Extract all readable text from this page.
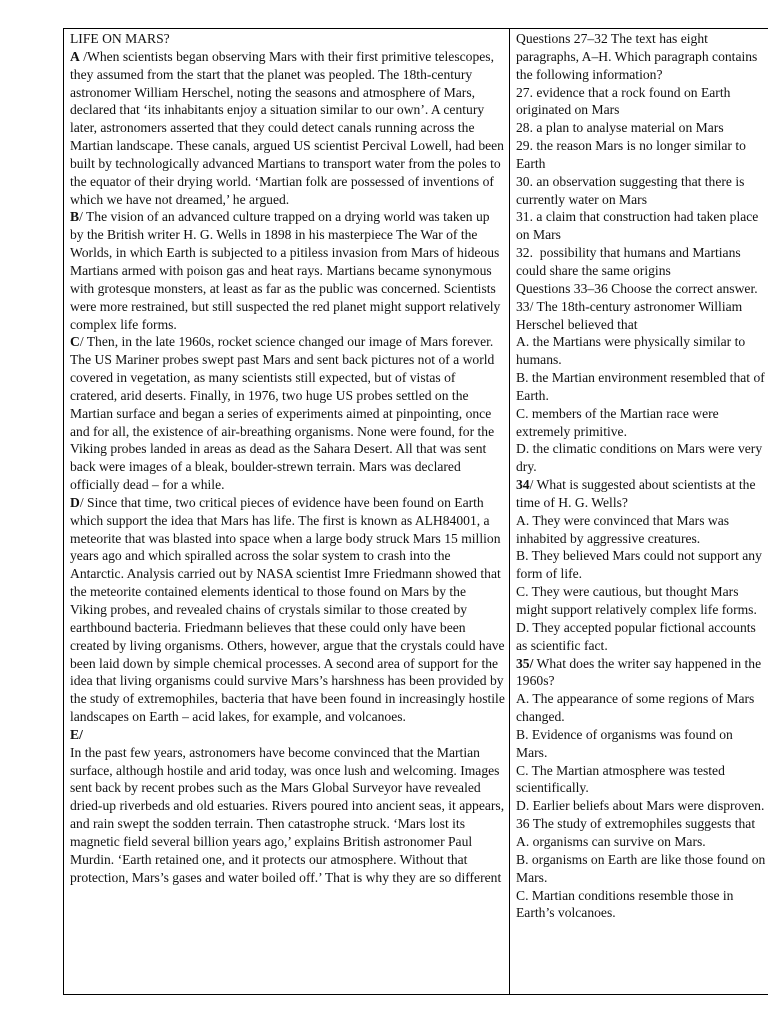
LIFE ON MARS?

A /When scientists began observing Mars with their first primitive telescopes, they assumed from the start that the planet was peopled. The 18th-century astronomer William Herschel, noting the seasons and atmosphere of Mars, declared that ‘its inhabitants enjoy a situation similar to our own’. A century later, astronomers asserted that they could detect canals running across the Martian landscape. These canals, argued US scientist Percival Lowell, had been built by technologically advanced Martians to transport water from the poles to the equator of their drying world. ‘Martian folk are possessed of inventions of which we have not dreamed,’ he argued.

B/ The vision of an advanced culture trapped on a drying world was taken up by the British writer H. G. Wells in 1898 in his masterpiece The War of the Worlds, in which Earth is subjected to a pitiless invasion from Mars of hideous Martians armed with poison gas and heat rays. Martians became synonymous with grotesque monsters, at least as far as the public was concerned. Scientists were more restrained, but still suspected the red planet might support relatively complex life forms.

C/ Then, in the late 1960s, rocket science changed our image of Mars forever. The US Mariner probes swept past Mars and sent back pictures not of a world covered in vegetation, as many scientists still expected, but of vistas of cratered, arid deserts. Finally, in 1976, two huge US probes settled on the Martian surface and began a series of experiments aimed at pinpointing, once and for all, the existence of air-breathing organisms. None were found, for the Viking probes landed in areas as dead as the Sahara Desert. All that was sent back were images of a bleak, boulder-strewn terrain. Mars was declared officially dead – for a while.

D/ Since that time, two critical pieces of evidence have been found on Earth which support the idea that Mars has life. The first is known as ALH84001, a meteorite that was blasted into space when a large body struck Mars 15 million years ago and which spiralled across the solar system to crash into the Antarctic. Analysis carried out by NASA scientist Imre Friedmann showed that the meteorite contained elements identical to those found on Mars by the Viking probes, and revealed chains of crystals similar to those created by earthbound bacteria. Friedmann believes that these could only have been created by living organisms. Others, however, argue that the crystals could have been laid down by simple chemical processes. A second area of support for the idea that living organisms could survive Mars’s harshness has been provided by the study of extremophiles, bacteria that have been found in increasingly hostile landscapes on Earth – acid lakes, for example, and volcanoes.

E/

In the past few years, astronomers have become convinced that the Martian surface, although hostile and arid today, was once lush and welcoming. Images sent back by recent probes such as the Mars Global Surveyor have revealed dried-up riverbeds and old estuaries. Rivers poured into ancient seas, it appears, and rain swept the sodden terrain. Then catastrophe struck. ‘Mars lost its magnetic field several billion years ago,’ explains British astronomer Paul Murdin. ‘Earth retained one, and it protects our atmosphere. Without that protection, Mars’s gases and water boiled off.’ That is why they are so different

Questions 27–32 The text has eight paragraphs, A–H. Which paragraph contains the following information?

27. evidence that a rock found on Earth originated on Mars

28. a plan to analyse material on Mars

29. the reason Mars is no longer similar to Earth

30. an observation suggesting that there is currently water on Mars

31. a claim that construction had taken place on Mars

32.  possibility that humans and Martians could share the same origins

Questions 33–36 Choose the correct answer.

33/ The 18th-century astronomer William Herschel believed that

A. the Martians were physically similar to humans.

B. the Martian environment resembled that of Earth.

C. members of the Martian race were extremely primitive.

D. the climatic conditions on Mars were very dry.

34/ What is suggested about scientists at the time of H. G. Wells?

A. They were convinced that Mars was inhabited by aggressive creatures.

B. They believed Mars could not support any form of life.

C. They were cautious, but thought Mars might support relatively complex life forms.

D. They accepted popular fictional accounts as scientific fact.

35/ What does the writer say happened in the 1960s?

A. The appearance of some regions of Mars changed.

B. Evidence of organisms was found on Mars.

C. The Martian atmosphere was tested scientifically.

D. Earlier beliefs about Mars were disproven.

36 The study of extremophiles suggests that

A. organisms can survive on Mars.

B. organisms on Earth are like those found on Mars.

C. Martian conditions resemble those in Earth’s volcanoes.
